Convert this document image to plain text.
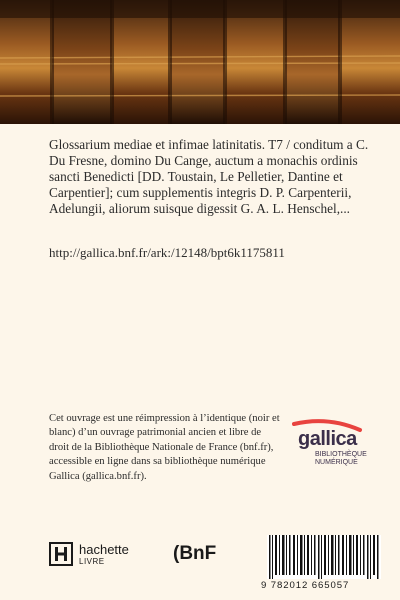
Glossarium mediae et infimae latinitatis. T7 / conditum a C. Du Fresne, domino Du Cange, auctum a monachis ordinis sancti Benedicti [DD. Toustain, Le Pelletier, Dantine et Carpentier]; cum supplementis integris D. P. Carpenterii, Adelungii, aliorum suisque digessit G. A. L. Henschel,...
http://gallica.bnf.fr/ark:/12148/bpt6k1175811
Cet ouvrage est une réimpression à l’identique (noir et blanc) d’un ouvrage patrimonial ancien et libre de droit de la Bibliothèque Nationale de France (bnf.fr), accessible en ligne dans sa bibliothèque numérique Gallica (gallica.bnf.fr).
gallica
BIBLIOTHÈQUE
NUMÉRIQUE
hachette
LIVRE	(BnF
9 782012 665057
